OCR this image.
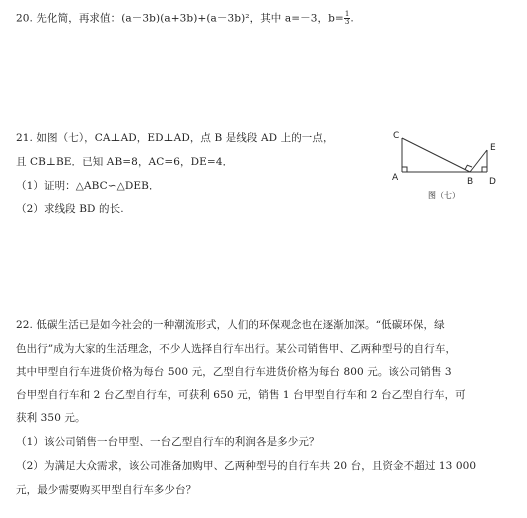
20. 先化简，再求值：(a－3b)(a+3b)+(a－3b)²，其中 a=－3，$b= \frac{1}{3}$ .
21. 如图（七），CA⊥AD，ED⊥AD，点 B 是线段 AD 上的一点，
且 CB⊥BE．已知 AB=8，AC=6，DE=4．
（1）证明：△ABC∽△DEB．
（2）求线段 BD 的长.
C
A	B D
E
图（七）
22. 低碳生活已是如今社会的一种潮流形式，人们的环保观念也在逐渐加深。“低碳环保，绿
色出行”成为大家的生活理念，不少人选择自行车出行。某公司销售甲、乙两种型号的自行车，
其中甲型自行车进货价格为每台 500 元，乙型自行车进货价格为每台 800 元。该公司销售 3
台甲型自行车和 2 台乙型自行车，可获利 650 元，销售 1 台甲型自行车和 2 台乙型自行车，可
获利 350 元。
（1）该公司销售一台甲型、一台乙型自行车的利润各是多少元？
（2）为满足大众需求，该公司准备加购甲、乙两种型号的自行车共 20 台，且资金不超过 13 000
元，最少需要购买甲型自行车多少台？
